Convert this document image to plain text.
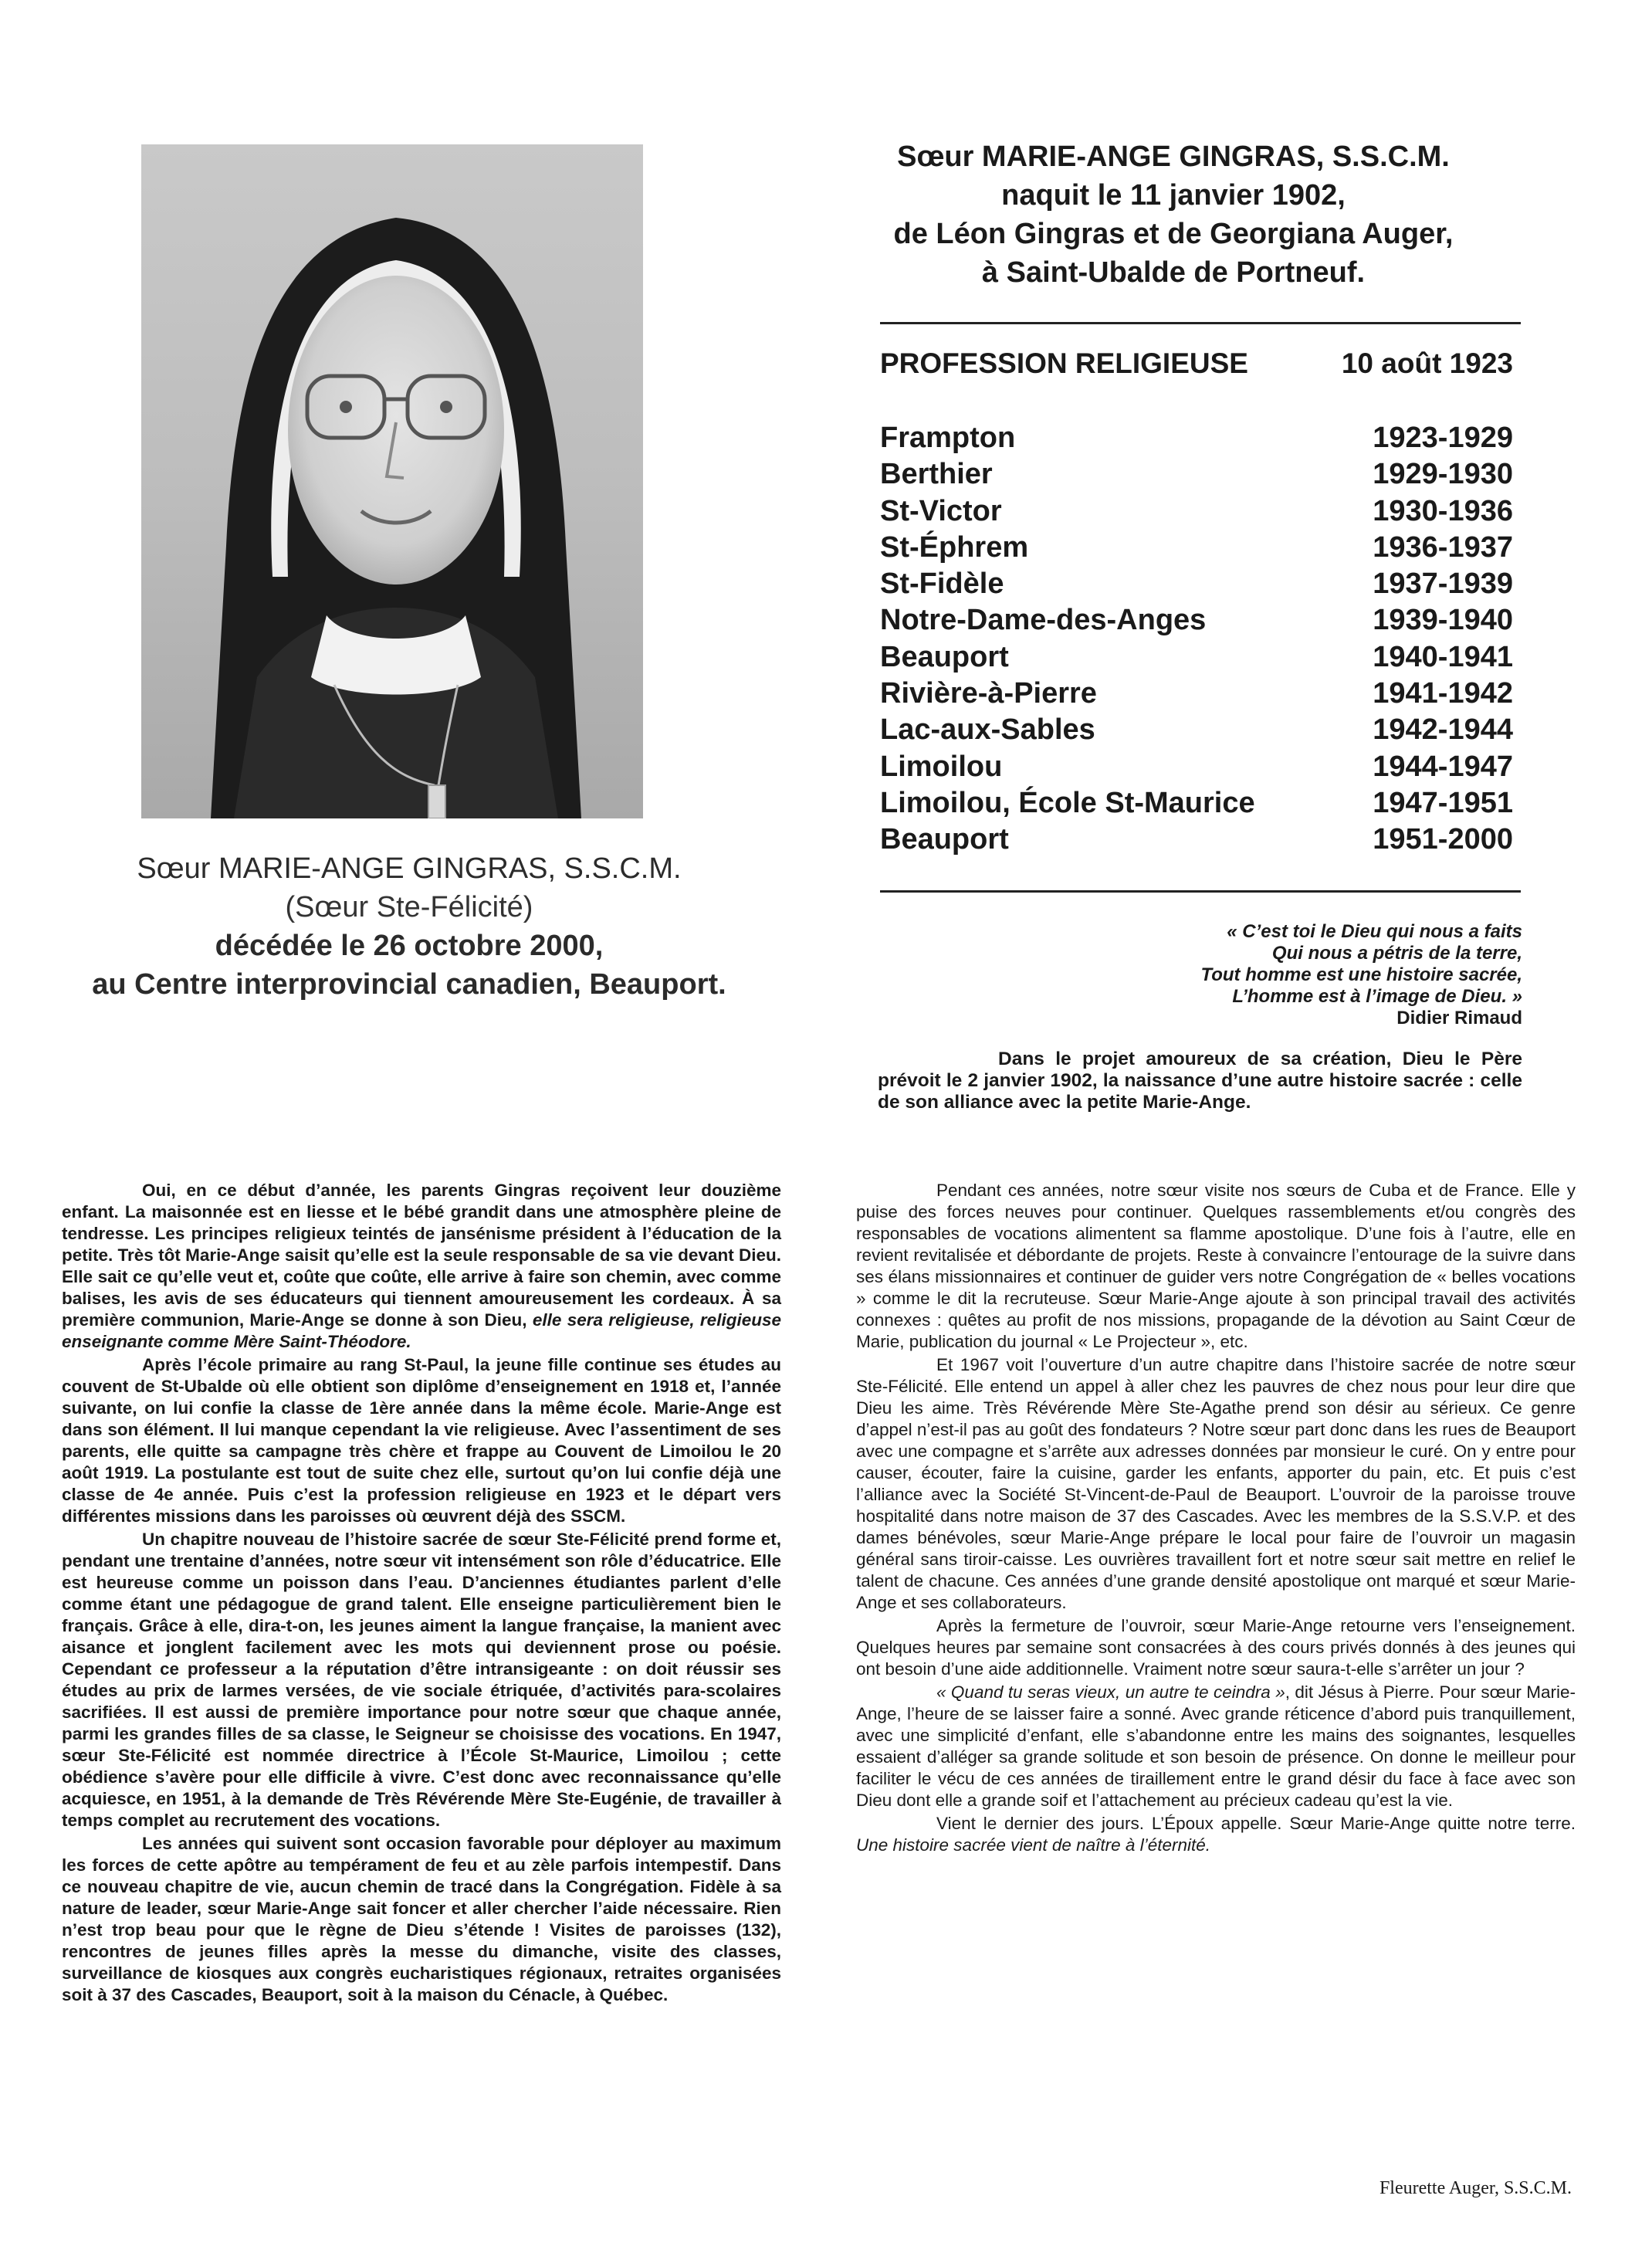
Sœur MARIE-ANGE GINGRAS, S.S.C.M.
(Sœur Ste-Félicité)
décédée le 26 octobre 2000,
au Centre interprovincial canadien, Beauport.
Sœur MARIE-ANGE GINGRAS, S.S.C.M.
naquit le 11 janvier 1902,
de Léon Gingras et de Georgiana Auger,
à Saint-Ubalde de Portneuf.
PROFESSION RELIGIEUSE	10 août 1923
Frampton	1923-1929
Berthier	1929-1930
St-Victor	1930-1936
St-Éphrem	1936-1937
St-Fidèle	1937-1939
Notre-Dame-des-Anges	1939-1940
Beauport	1940-1941
Rivière-à-Pierre	1941-1942
Lac-aux-Sables	1942-1944
Limoilou	1944-1947
Limoilou, École St-Maurice	1947-1951
Beauport	1951-2000
« C’est toi le Dieu qui nous a faits
Qui nous a pétris de la terre,
Tout homme est une histoire sacrée,
L’homme est à l’image de Dieu. »
Didier Rimaud
Dans le projet amoureux de sa création, Dieu le Père prévoit le 2 janvier 1902, la naissance d’une autre histoire sacrée : celle de son alliance avec la petite Marie-Ange.

Oui, en ce début d’année, les parents Gingras reçoivent leur douzième enfant. La maisonnée est en liesse et le bébé grandit dans une atmosphère pleine de tendresse. Les principes religieux teintés de jansénisme président à l’éducation de la petite. Très tôt Marie-Ange saisit qu’elle est la seule responsable de sa vie devant Dieu. Elle sait ce qu’elle veut et, coûte que coûte, elle arrive à faire son chemin, avec comme balises, les avis de ses éducateurs qui tiennent amoureusement les cordeaux. À sa première communion, Marie-Ange se donne à son Dieu, elle sera religieuse, religieuse enseignante comme Mère Saint-Théodore.

Après l’école primaire au rang St-Paul, la jeune fille continue ses études au couvent de St-Ubalde où elle obtient son diplôme d’enseignement en 1918 et, l’année suivante, on lui confie la classe de 1ère année dans la même école. Marie-Ange est dans son élément. Il lui manque cependant la vie religieuse. Avec l’assentiment de ses parents, elle quitte sa campagne très chère et frappe au Couvent de Limoilou le 20 août 1919. La postulante est tout de suite chez elle, surtout qu’on lui confie déjà une classe de 4e année. Puis c’est la profession religieuse en 1923 et le départ vers différentes missions dans les paroisses où œuvrent déjà des SSCM.

Un chapitre nouveau de l’histoire sacrée de sœur Ste-Félicité prend forme et, pendant une trentaine d’années, notre sœur vit intensément son rôle d’éducatrice. Elle est heureuse comme un poisson dans l’eau. D’anciennes étudiantes parlent d’elle comme étant une pédagogue de grand talent. Elle enseigne particulièrement bien le français. Grâce à elle, dira-t-on, les jeunes aiment la langue française, la manient avec aisance et jonglent facilement avec les mots qui deviennent prose ou poésie. Cependant ce professeur a la réputation d’être intransigeante : on doit réussir ses études au prix de larmes versées, de vie sociale étriquée, d’activités para-scolaires sacrifiées. Il est aussi de première importance pour notre sœur que chaque année, parmi les grandes filles de sa classe, le Seigneur se choisisse des vocations. En 1947, sœur Ste-Félicité est nommée directrice à l’École St-Maurice, Limoilou ; cette obédience s’avère pour elle difficile à vivre. C’est donc avec reconnaissance qu’elle acquiesce, en 1951, à la demande de Très Révérende Mère Ste-Eugénie, de travailler à temps complet au recrutement des vocations.

Les années qui suivent sont occasion favorable pour déployer au maximum les forces de cette apôtre au tempérament de feu et au zèle parfois intempestif. Dans ce nouveau chapitre de vie, aucun chemin de tracé dans la Congrégation. Fidèle à sa nature de leader, sœur Marie-Ange sait foncer et aller chercher l’aide nécessaire. Rien n’est trop beau pour que le règne de Dieu s’étende ! Visites de paroisses (132), rencontres de jeunes filles après la messe du dimanche, visite des classes, surveillance de kiosques aux congrès eucharistiques régionaux, retraites organisées soit à 37 des Cascades, Beauport, soit à la maison du Cénacle, à Québec.

Pendant ces années, notre sœur visite nos sœurs de Cuba et de France. Elle y puise des forces neuves pour continuer. Quelques rassemblements et/ou congrès des responsables de vocations alimentent sa flamme apostolique. D’une fois à l’autre, elle en revient revitalisée et débordante de projets. Reste à convaincre l’entourage de la suivre dans ses élans missionnaires et continuer de guider vers notre Congrégation de « belles vocations » comme le dit la recruteuse. Sœur Marie-Ange ajoute à son principal travail des activités connexes : quêtes au profit de nos missions, propagande de la dévotion au Saint Cœur de Marie, publication du journal « Le Projecteur », etc.

Et 1967 voit l’ouverture d’un autre chapitre dans l’histoire sacrée de notre sœur Ste-Félicité. Elle entend un appel à aller chez les pauvres de chez nous pour leur dire que Dieu les aime. Très Révérende Mère Ste-Agathe prend son désir au sérieux. Ce genre d’appel n’est-il pas au goût des fondateurs ? Notre sœur part donc dans les rues de Beauport avec une compagne et s’arrête aux adresses données par monsieur le curé. On y entre pour causer, écouter, faire la cuisine, garder les enfants, apporter du pain, etc. Et puis c’est l’alliance avec la Société St-Vincent-de-Paul de Beauport. L’ouvroir de la paroisse trouve hospitalité dans notre maison de 37 des Cascades. Avec les membres de la S.S.V.P. et des dames bénévoles, sœur Marie-Ange prépare le local pour faire de l’ouvroir un magasin général sans tiroir-caisse. Les ouvrières travaillent fort et notre sœur sait mettre en relief le talent de chacune. Ces années d’une grande densité apostolique ont marqué et sœur Marie-Ange et ses collaborateurs.

Après la fermeture de l’ouvroir, sœur Marie-Ange retourne vers l’enseignement. Quelques heures par semaine sont consacrées à des cours privés donnés à des jeunes qui ont besoin d’une aide additionnelle. Vraiment notre sœur saura-t-elle s’arrêter un jour ?

« Quand tu seras vieux, un autre te ceindra », dit Jésus à Pierre. Pour sœur Marie-Ange, l’heure de se laisser faire a sonné. Avec grande réticence d’abord puis tranquillement, avec une simplicité d’enfant, elle s’abandonne entre les mains des soignantes, lesquelles essaient d’alléger sa grande solitude et son besoin de présence. On donne le meilleur pour faciliter le vécu de ces années de tiraillement entre le grand désir du face à face avec son Dieu dont elle a grande soif et l’attachement au précieux cadeau qu’est la vie.

Vient le dernier des jours. L’Époux appelle. Sœur Marie-Ange quitte notre terre. Une histoire sacrée vient de naître à l’éternité.

Fleurette Auger, S.S.C.M.
